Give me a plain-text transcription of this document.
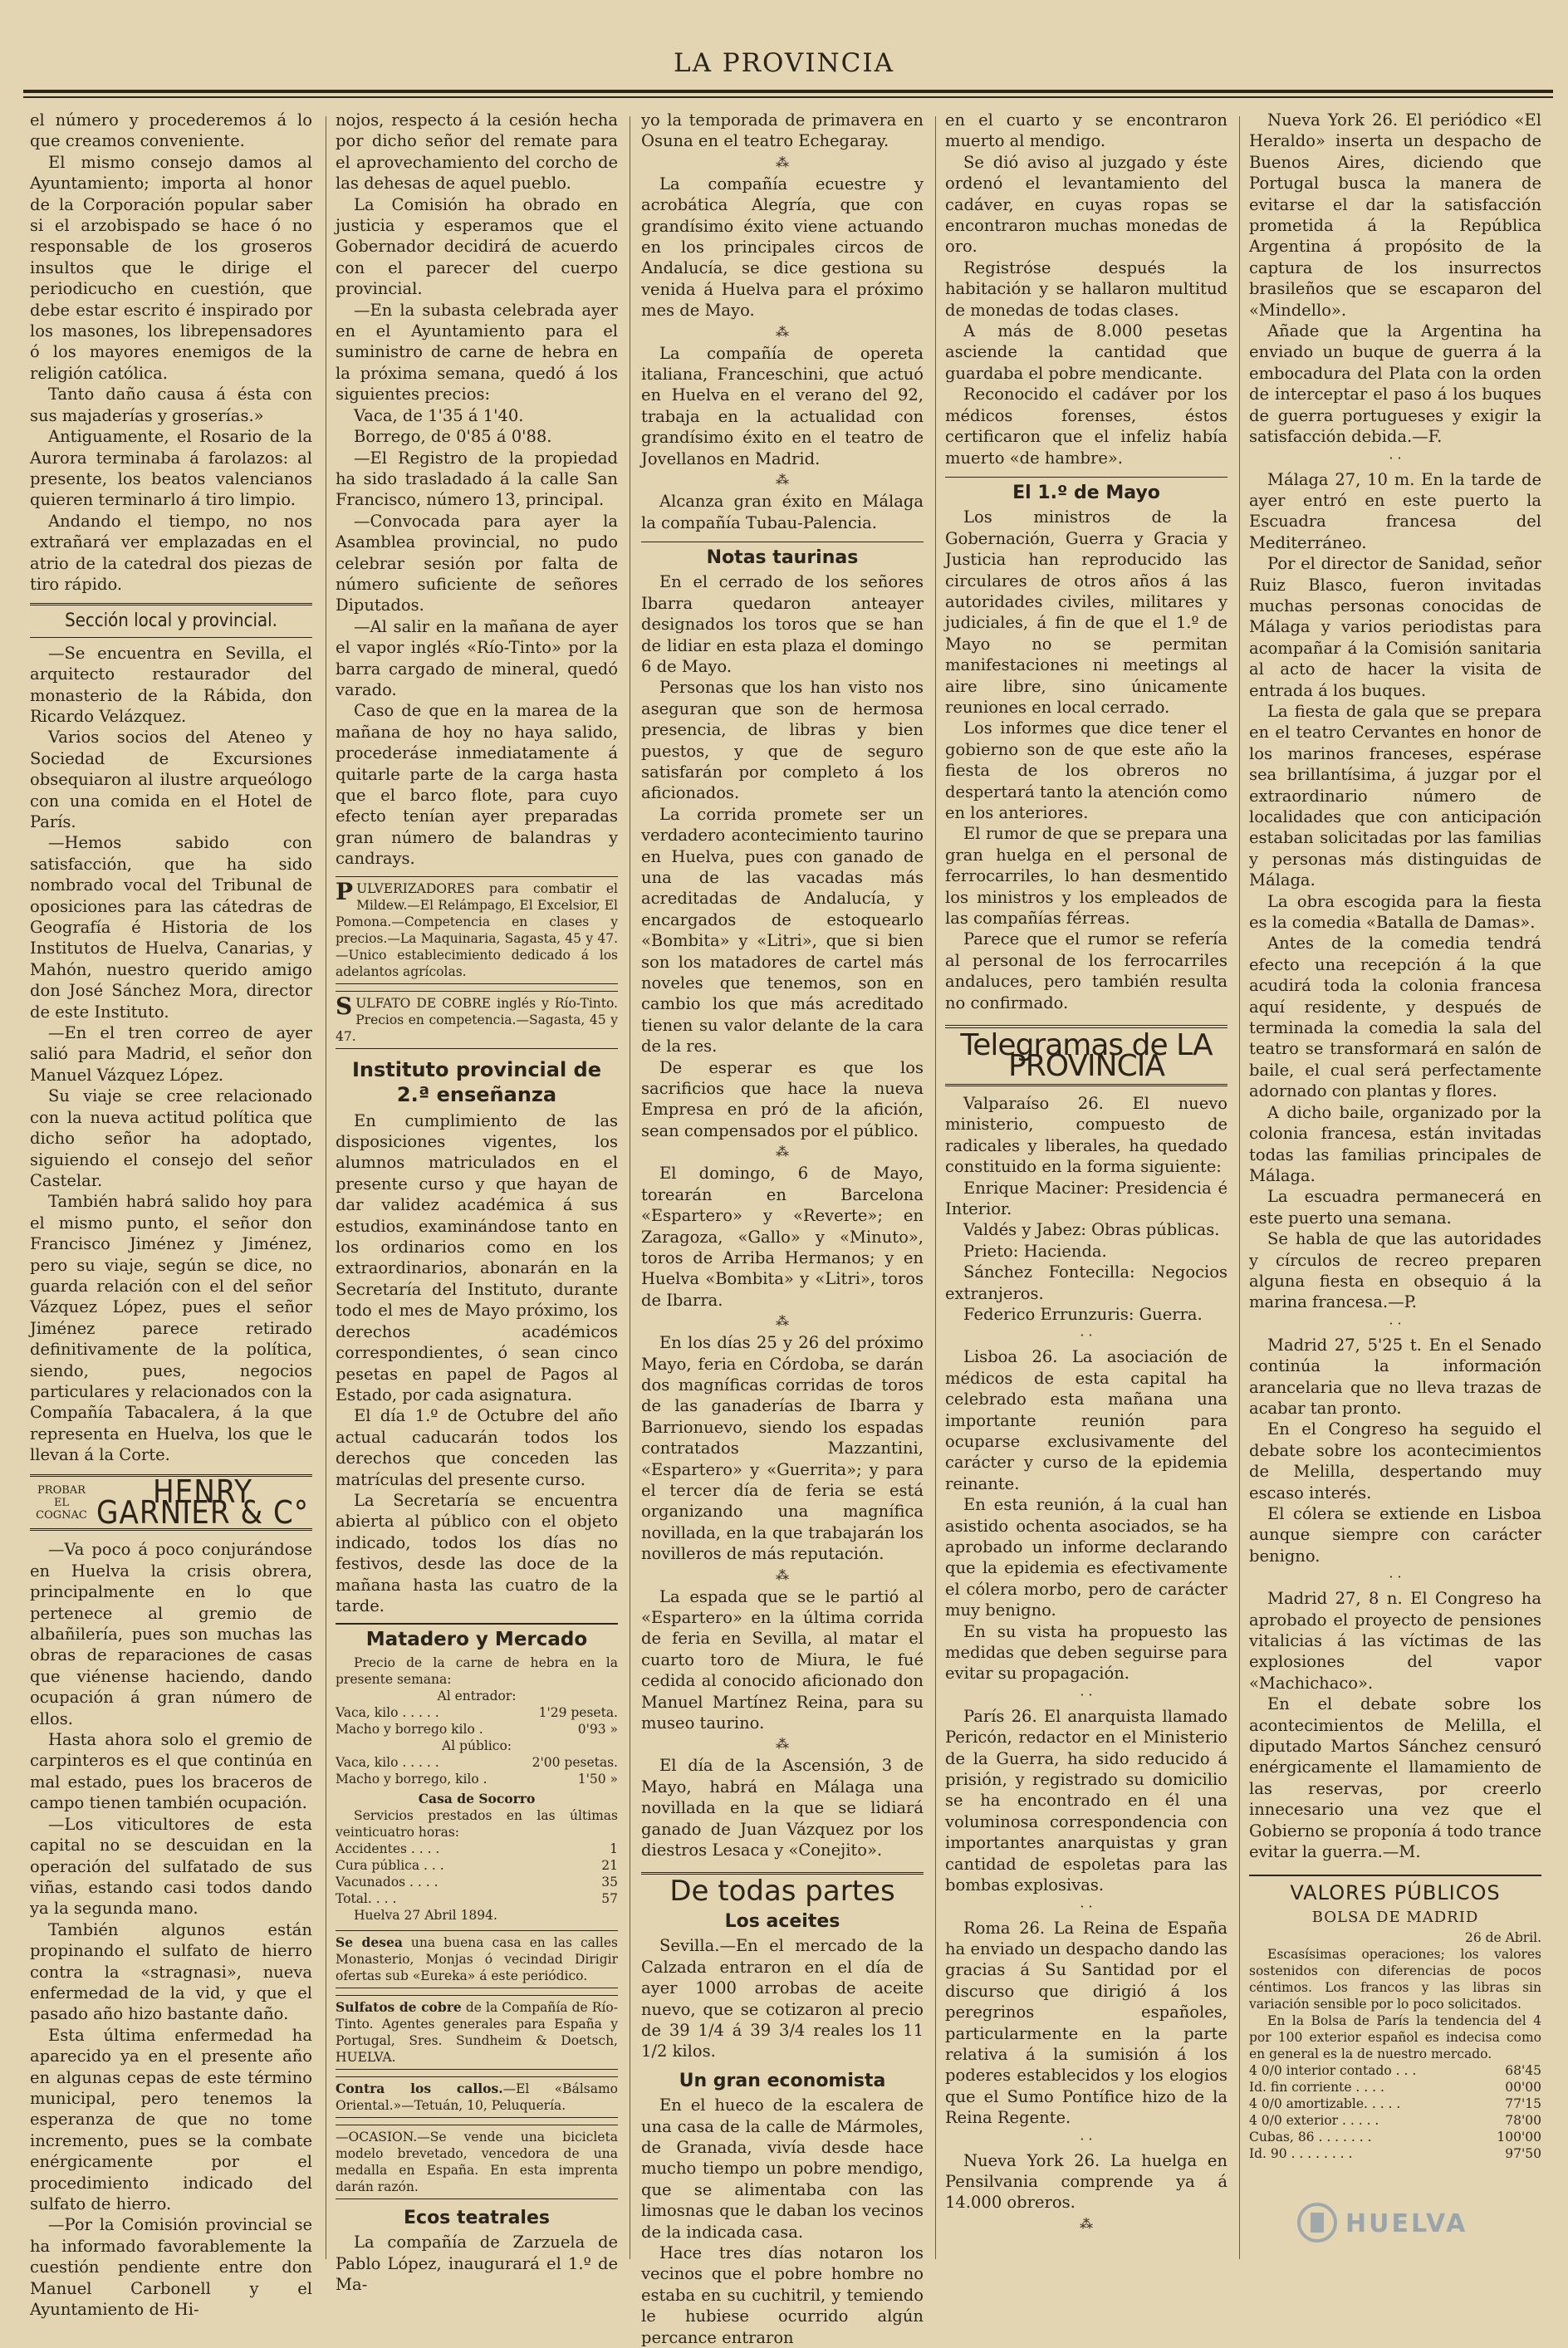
LA PROVINCIA

el número y procederemos á lo que creamos conveniente.

El mismo consejo damos al Ayuntamiento; importa al honor de la Corporación popular saber si el arzobispado se hace ó no responsable de los groseros insultos que le dirige el periodicucho en cuestión, que debe estar escrito é inspirado por los masones, los librepensadores ó los mayores enemigos de la religión católica.

Tanto daño causa á ésta con sus majaderías y groserías.»

Antiguamente, el Rosario de la Aurora terminaba á farolazos: al presente, los beatos valencianos quieren terminarlo á tiro limpio.

Andando el tiempo, no nos extrañará ver emplazadas en el atrio de la catedral dos piezas de tiro rápido.

Sección local y provincial.

—Se encuentra en Sevilla, el arquitecto restaurador del monasterio de la Rábida, don Ricardo Velázquez.

Varios socios del Ateneo y Sociedad de Excursiones obsequiaron al ilustre arqueólogo con una comida en el Hotel de París.

—Hemos sabido con satisfacción, que ha sido nombrado vocal del Tribunal de oposiciones para las cátedras de Geografía é Historia de los Institutos de Huelva, Canarias, y Mahón, nuestro querido amigo don José Sánchez Mora, director de este Instituto.

—En el tren correo de ayer salió para Madrid, el señor don Manuel Vázquez López.

Su viaje se cree relacionado con la nueva actitud política que dicho señor ha adoptado, siguiendo el consejo del señor Castelar.

También habrá salido hoy para el mismo punto, el señor don Francisco Jiménez y Jiménez, pero su viaje, según se dice, no guarda relación con el del señor Vázquez López, pues el señor Jiménez parece retirado definitivamente de la política, siendo, pues, negocios particulares y relacionados con la Compañía Tabacalera, á la que representa en Huelva, los que le llevan á la Corte.

PROBAR
EL
COGNAC
HENRY GARNIER & C°

—Va poco á poco conjurándose en Huelva la crisis obrera, principalmente en lo que pertenece al gremio de albañilería, pues son muchas las obras de reparaciones de casas que viénense haciendo, dando ocupación á gran número de ellos.

Hasta ahora solo el gremio de carpinteros es el que continúa en mal estado, pues los braceros de campo tienen también ocupación.

—Los viticultores de esta capital no se descuidan en la operación del sulfatado de sus viñas, estando casi todos dando ya la segunda mano.

También algunos están propinando el sulfato de hierro contra la «stragnasi», nueva enfermedad de la vid, y que el pasado año hizo bastante daño.

Esta última enfermedad ha aparecido ya en el presente año en algunas cepas de este término municipal, pero tenemos la esperanza de que no tome incremento, pues se la combate enérgicamente por el procedimiento indicado del sulfato de hierro.

—Por la Comisión provincial se ha informado favorablemente la cuestión pendiente entre don Manuel Carbonell y el Ayuntamiento de Hi-

nojos, respecto á la cesión hecha por dicho señor del remate para el aprovechamiento del corcho de las dehesas de aquel pueblo.

La Comisión ha obrado en justicia y esperamos que el Gobernador decidirá de acuerdo con el parecer del cuerpo provincial.

—En la subasta celebrada ayer en el Ayuntamiento para el suministro de carne de hebra en la próxima semana, quedó á los siguientes precios:

Vaca, de 1'35 á 1'40.

Borrego, de 0'85 á 0'88.

—El Registro de la propiedad ha sido trasladado á la calle San Francisco, número 13, principal.

—Convocada para ayer la Asamblea provincial, no pudo celebrar sesión por falta de número suficiente de señores Diputados.

—Al salir en la mañana de ayer el vapor inglés «Río-Tinto» por la barra cargado de mineral, quedó varado.

Caso de que en la marea de la mañana de hoy no haya salido, procederáse inmediatamente á quitarle parte de la carga hasta que el barco flote, para cuyo efecto tenían ayer preparadas gran número de balandras y candrays.

PULVERIZADORES para combatir el Mildew.—El Relámpago, El Excelsior, El Pomona.—Competencia en clases y precios.—La Maquinaria, Sagasta, 45 y 47.—Unico establecimiento dedicado á los adelantos agrícolas.
SULFATO DE COBRE inglés y Río-Tinto. Precios en competencia.—Sagasta, 45 y 47.
Instituto provincial de 2.ª enseñanza

En cumplimiento de las disposiciones vigentes, los alumnos matriculados en el presente curso y que hayan de dar validez académica á sus estudios, examinándose tanto en los ordinarios como en los extraordinarios, abonarán en la Secretaría del Instituto, durante todo el mes de Mayo próximo, los derechos académicos correspondientes, ó sean cinco pesetas en papel de Pagos al Estado, por cada asignatura.

El día 1.º de Octubre del año actual caducarán todos los derechos que conceden las matrículas del presente curso.

La Secretaría se encuentra abierta al público con el objeto indicado, todos los días no festivos, desde las doce de la mañana hasta las cuatro de la tarde.

Matadero y Mercado

Precio de la carne de hebra en la presente semana:

Al entrador:
Vaca, kilo . . . . .	1'29 peseta.
Macho y borrego kilo .	0'93 »
Al público:
Vaca, kilo . . . . .	2'00 pesetas.
Macho y borrego, kilo .	1'50 »
Casa de Socorro

Servicios prestados en las últimas veinticuatro horas:

Accidentes . . . .	1
Cura pública . . .	21
Vacunados . . . .	35
Total. . . .	57

Huelva 27 Abril 1894.

Se desea una buena casa en las calles Monasterio, Monjas ó vecindad Dirigir ofertas sub «Eureka» á este periódico.
Sulfatos de cobre de la Compañía de Río-Tinto. Agentes generales para España y Portugal, Sres. Sundheim & Doetsch, HUELVA.
Contra los callos.—El «Bálsamo Oriental.»—Tetuán, 10, Peluquería.
—OCASION.—Se vende una bicicleta modelo brevetado, vencedora de una medalla en España. En esta imprenta darán razón.
Ecos teatrales

La compañía de Zarzuela de Pablo López, inaugurará el 1.º de Ma-

yo la temporada de primavera en Osuna en el teatro Echegaray.

⁂

La compañía ecuestre y acrobática Alegría, que con grandísimo éxito viene actuando en los principales circos de Andalucía, se dice gestiona su venida á Huelva para el próximo mes de Mayo.

⁂

La compañía de opereta italiana, Franceschini, que actuó en Huelva en el verano del 92, trabaja en la actualidad con grandísimo éxito en el teatro de Jovellanos en Madrid.

⁂

Alcanza gran éxito en Málaga la compañía Tubau-Palencia.

Notas taurinas

En el cerrado de los señores Ibarra quedaron anteayer designados los toros que se han de lidiar en esta plaza el domingo 6 de Mayo.

Personas que los han visto nos aseguran que son de hermosa presencia, de libras y bien puestos, y que de seguro satisfarán por completo á los aficionados.

La corrida promete ser un verdadero acontecimiento taurino en Huelva, pues con ganado de una de las vacadas más acreditadas de Andalucía, y encargados de estoquearlo «Bombita» y «Litri», que si bien son los matadores de cartel más noveles que tenemos, son en cambio los que más acreditado tienen su valor delante de la cara de la res.

De esperar es que los sacrificios que hace la nueva Empresa en pró de la afición, sean compensados por el público.

⁂

El domingo, 6 de Mayo, torearán en Barcelona «Espartero» y «Reverte»; en Zaragoza, «Gallo» y «Minuto», toros de Arriba Hermanos; y en Huelva «Bombita» y «Litri», toros de Ibarra.

⁂

En los días 25 y 26 del próximo Mayo, feria en Córdoba, se darán dos magníficas corridas de toros de las ganaderías de Ibarra y Barrionuevo, siendo los espadas contratados Mazzantini, «Espartero» y «Guerrita»; y para el tercer día de feria se está organizando una magnífica novillada, en la que trabajarán los novilleros de más reputación.

⁂

La espada que se le partió al «Espartero» en la última corrida de feria en Sevilla, al matar el cuarto toro de Miura, le fué cedida al conocido aficionado don Manuel Martínez Reina, para su museo taurino.

⁂

El día de la Ascensión, 3 de Mayo, habrá en Málaga una novillada en la que se lidiará ganado de Juan Vázquez por los diestros Lesaca y «Conejito».

De todas partes
Los aceites

Sevilla.—En el mercado de la Calzada entraron en el día de ayer 1000 arrobas de aceite nuevo, que se cotizaron al precio de 39 1/4 á 39 3/4 reales los 11 1/2 kilos.

Un gran economista

En el hueco de la escalera de una casa de la calle de Mármoles, de Granada, vivía desde hace mucho tiempo un pobre mendigo, que se alimentaba con las limosnas que le daban los vecinos de la indicada casa.

Hace tres días notaron los vecinos que el pobre hombre no estaba en su cuchitril, y temiendo le hubiese ocurrido algún percance entraron

en el cuarto y se encontraron muerto al mendigo.

Se dió aviso al juzgado y éste ordenó el levantamiento del cadáver, en cuyas ropas se encontraron muchas monedas de oro.

Registróse después la habitación y se hallaron multitud de monedas de todas clases.

A más de 8.000 pesetas asciende la cantidad que guardaba el pobre mendicante.

Reconocido el cadáver por los médicos forenses, éstos certificaron que el infeliz había muerto «de hambre».

El 1.º de Mayo

Los ministros de la Gobernación, Guerra y Gracia y Justicia han reproducido las circulares de otros años á las autoridades civiles, militares y judiciales, á fin de que el 1.º de Mayo no se permitan manifestaciones ni meetings al aire libre, sino únicamente reuniones en local cerrado.

Los informes que dice tener el gobierno son de que este año la fiesta de los obreros no despertará tanto la atención como en los anteriores.

El rumor de que se prepara una gran huelga en el personal de ferrocarriles, lo han desmentido los ministros y los empleados de las compañías férreas.

Parece que el rumor se refería al personal de los ferrocarriles andaluces, pero también resulta no confirmado.

Telegramas de LA PROVINCIA

Valparaíso 26. El nuevo ministerio, compuesto de radicales y liberales, ha quedado constituido en la forma siguiente:

Enrique Maciner: Presidencia é Interior.

Valdés y Jabez: Obras públicas.

Prieto: Hacienda.

Sánchez Fontecilla: Negocios extranjeros.

Federico Errunzuris: Guerra.

· ·

Lisboa 26. La asociación de médicos de esta capital ha celebrado esta mañana una importante reunión para ocuparse exclusivamente del carácter y curso de la epidemia reinante.

En esta reunión, á la cual han asistido ochenta asociados, se ha aprobado un informe declarando que la epidemia es efectivamente el cólera morbo, pero de carácter muy benigno.

En su vista ha propuesto las medidas que deben seguirse para evitar su propagación.

· ·

París 26. El anarquista llamado Pericón, redactor en el Ministerio de la Guerra, ha sido reducido á prisión, y registrado su domicilio se ha encontrado en él una voluminosa correspondencia con importantes anarquistas y gran cantidad de espoletas para las bombas explosivas.

· ·

Roma 26. La Reina de España ha enviado un despacho dando las gracias á Su Santidad por el discurso que dirigió á los peregrinos españoles, particularmente en la parte relativa á la sumisión á los poderes establecidos y los elogios que el Sumo Pontífice hizo de la Reina Regente.

· ·

Nueva York 26. La huelga en Pensilvania comprende ya á 14.000 obreros.

⁂

Nueva York 26. El periódico «El Heraldo» inserta un despacho de Buenos Aires, diciendo que Portugal busca la manera de evitarse el dar la satisfacción prometida á la República Argentina á propósito de la captura de los insurrectos brasileños que se escaparon del «Mindello».

Añade que la Argentina ha enviado un buque de guerra á la embocadura del Plata con la orden de interceptar el paso á los buques de guerra portugueses y exigir la satisfacción debida.—F.

· ·

Málaga 27, 10 m. En la tarde de ayer entró en este puerto la Escuadra francesa del Mediterráneo.

Por el director de Sanidad, señor Ruiz Blasco, fueron invitadas muchas personas conocidas de Málaga y varios periodistas para acompañar á la Comisión sanitaria al acto de hacer la visita de entrada á los buques.

La fiesta de gala que se prepara en el teatro Cervantes en honor de los marinos franceses, espérase sea brillantísima, á juzgar por el extraordinario número de localidades que con anticipación estaban solicitadas por las familias y personas más distinguidas de Málaga.

La obra escogida para la fiesta es la comedia «Batalla de Damas».

Antes de la comedia tendrá efecto una recepción á la que acudirá toda la colonia francesa aquí residente, y después de terminada la comedia la sala del teatro se transformará en salón de baile, el cual será perfectamente adornado con plantas y flores.

A dicho baile, organizado por la colonia francesa, están invitadas todas las familias principales de Málaga.

La escuadra permanecerá en este puerto una semana.

Se habla de que las autoridades y círculos de recreo preparen alguna fiesta en obsequio á la marina francesa.—P.

· ·

Madrid 27, 5'25 t. En el Senado continúa la información arancelaria que no lleva trazas de acabar tan pronto.

En el Congreso ha seguido el debate sobre los acontecimientos de Melilla, despertando muy escaso interés.

El cólera se extiende en Lisboa aunque siempre con carácter benigno.

· ·

Madrid 27, 8 n. El Congreso ha aprobado el proyecto de pensiones vitalicias á las víctimas de las explosiones del vapor «Machichaco».

En el debate sobre los acontecimientos de Melilla, el diputado Martos Sánchez censuró enérgicamente el llamamiento de las reservas, por creerlo innecesario una vez que el Gobierno se proponía á todo trance evitar la guerra.—M.

VALORES PÚBLICOS
BOLSA DE MADRID
26 de Abril.

Escasísimas operaciones; los valores sostenidos con diferencias de pocos céntimos. Los francos y las libras sin variación sensible por lo poco solicitados.

En la Bolsa de París la tendencia del 4 por 100 exterior español es indecisa como en general es la de nuestro mercado.

4 0/0 interior contado . . .	68'45
Id. fin corriente . . . .	00'00
4 0/0 amortizable. . . . .	77'15
4 0/0 exterior . . . . .	78'00
Cubas, 86 . . . . . . .	100'00
Id. 90 . . . . . . . .	97'50
HUELVA
